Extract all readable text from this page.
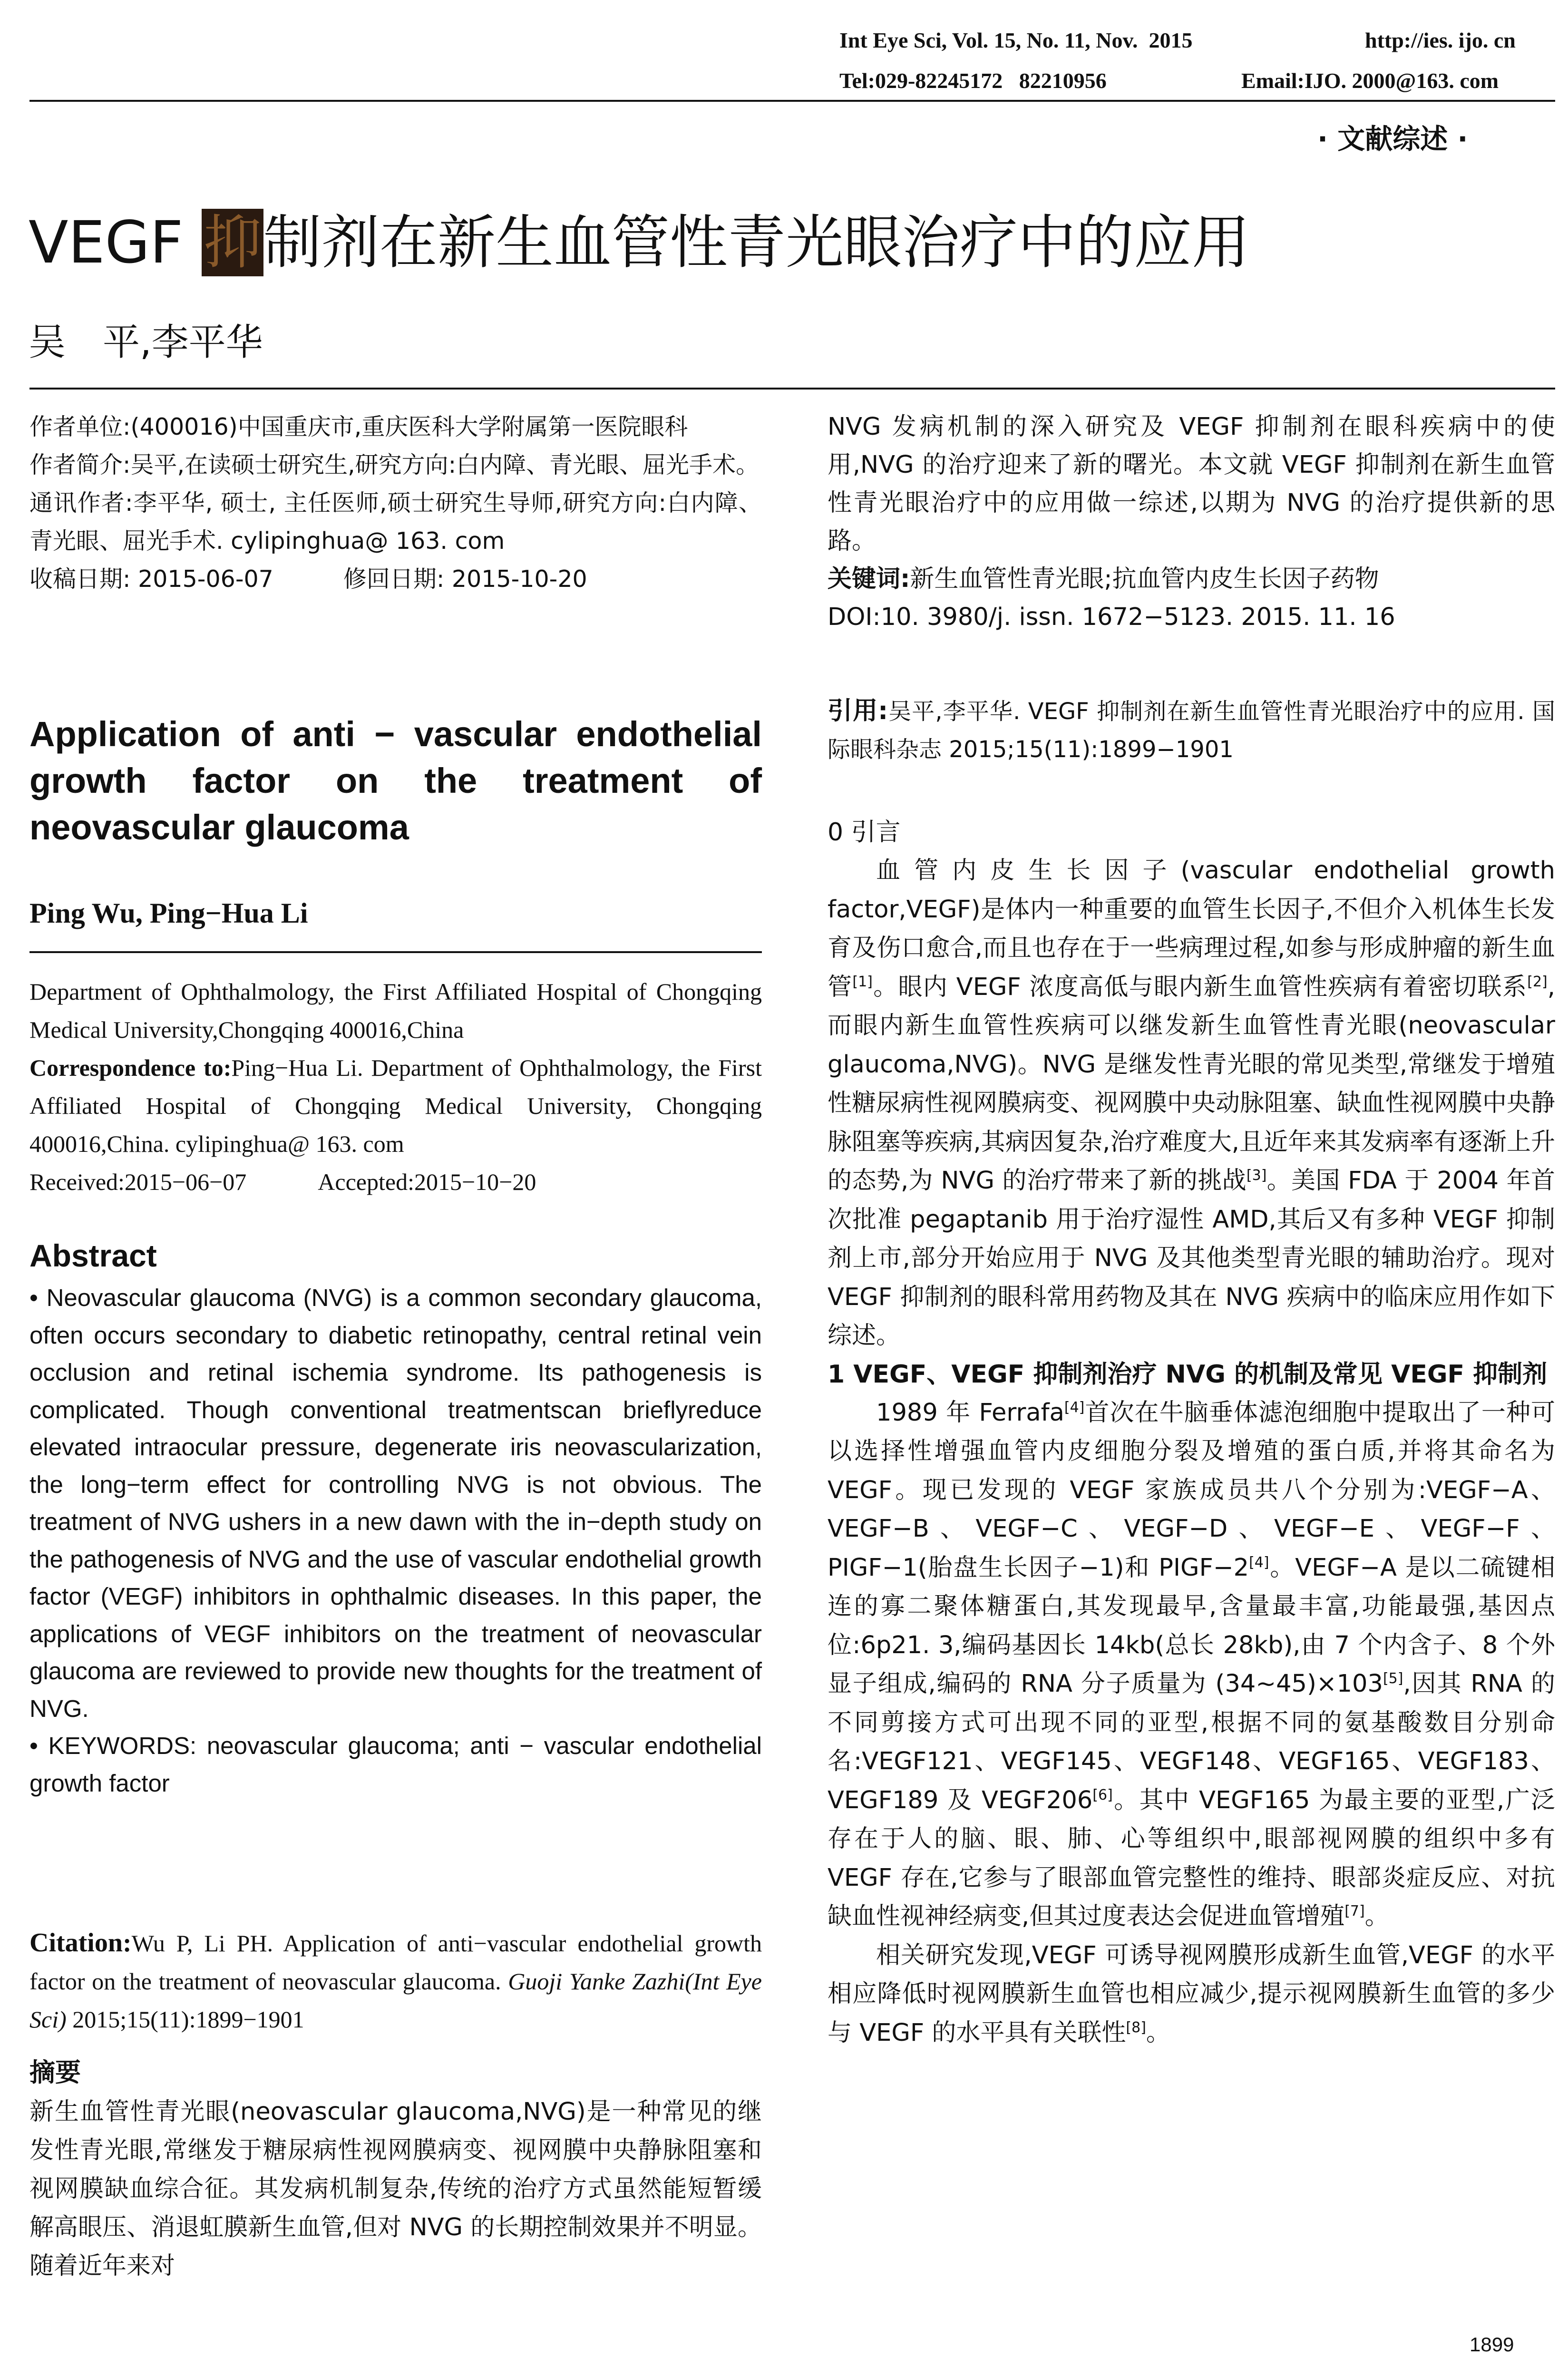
Int Eye Sci, Vol. 15, No. 11, Nov.  2015	http://ies. ijo. cn
Tel:029-82245172   82210956	Email:IJO. 2000@163. com
· 文献综述 ·
VEGF 抑制剂在新生血管性青光眼治疗中的应用
吴　平,李平华

作者单位:(400016)中国重庆市,重庆医科大学附属第一医院眼科

作者简介:吴平,在读硕士研究生,研究方向:白内障、青光眼、屈光手术。

通讯作者:李平华, 硕士, 主任医师,硕士研究生导师,研究方向:白内障、青光眼、屈光手术. cylipinghua@ 163. com

收稿日期: 2015-06-07　　　修回日期: 2015-10-20

Application of anti − vascular endothelial growth factor on the treatment of neovascular glaucoma
Ping Wu, Ping−Hua Li

Department of Ophthalmology, the First Affiliated Hospital of Chongqing Medical University,Chongqing 400016,China

Correspondence to:Ping−Hua Li. Department of Ophthalmology, the First Affiliated Hospital of Chongqing Medical University, Chongqing 400016,China. cylipinghua@ 163. com

Received:2015−06−07　　　Accepted:2015−10−20

Abstract

• Neovascular glaucoma (NVG) is a common secondary glaucoma, often occurs secondary to diabetic retinopathy, central retinal vein occlusion and retinal ischemia syndrome. Its pathogenesis is complicated. Though conventional treatmentscan brieflyreduce elevated intraocular pressure, degenerate iris neovascularization, the long−term effect for controlling NVG is not obvious. The treatment of NVG ushers in a new dawn with the in−depth study on the pathogenesis of NVG and the use of vascular endothelial growth factor (VEGF) inhibitors in ophthalmic diseases. In this paper, the applications of VEGF inhibitors on the treatment of neovascular glaucoma are reviewed to provide new thoughts for the treatment of NVG.

• KEYWORDS: neovascular glaucoma; anti − vascular endothelial growth factor

Citation:Wu P, Li PH. Application of anti−vascular endothelial growth factor on the treatment of neovascular glaucoma. Guoji Yanke Zazhi(Int Eye Sci) 2015;15(11):1899−1901

摘要
新生血管性青光眼(neovascular glaucoma,NVG)是一种常见的继发性青光眼,常继发于糖尿病性视网膜病变、视网膜中央静脉阻塞和视网膜缺血综合征。其发病机制复杂,传统的治疗方式虽然能短暂缓解高眼压、消退虹膜新生血管,但对 NVG 的长期控制效果并不明显。随着近年来对

NVG 发病机制的深入研究及 VEGF 抑制剂在眼科疾病中的使用,NVG 的治疗迎来了新的曙光。本文就 VEGF 抑制剂在新生血管性青光眼治疗中的应用做一综述,以期为 NVG 的治疗提供新的思路。

关键词:新生血管性青光眼;抗血管内皮生长因子药物

DOI:10. 3980/j. issn. 1672−5123. 2015. 11. 16

引用:吴平,李平华. VEGF 抑制剂在新生血管性青光眼治疗中的应用. 国际眼科杂志 2015;15(11):1899−1901

0 引言

血管内皮生长因子(vascular endothelial growth factor,VEGF)是体内一种重要的血管生长因子,不但介入机体生长发育及伤口愈合,而且也存在于一些病理过程,如参与形成肿瘤的新生血管[1]。眼内 VEGF 浓度高低与眼内新生血管性疾病有着密切联系[2],而眼内新生血管性疾病可以继发新生血管性青光眼(neovascular glaucoma,NVG)。NVG 是继发性青光眼的常见类型,常继发于增殖性糖尿病性视网膜病变、视网膜中央动脉阻塞、缺血性视网膜中央静脉阻塞等疾病,其病因复杂,治疗难度大,且近年来其发病率有逐渐上升的态势,为 NVG 的治疗带来了新的挑战[3]。美国 FDA 于 2004 年首次批准 pegaptanib 用于治疗湿性 AMD,其后又有多种 VEGF 抑制剂上市,部分开始应用于 NVG 及其他类型青光眼的辅助治疗。现对 VEGF 抑制剂的眼科常用药物及其在 NVG 疾病中的临床应用作如下综述。

1 VEGF、VEGF 抑制剂治疗 NVG 的机制及常见 VEGF 抑制剂

1989 年 Ferrafa[4]首次在牛脑垂体滤泡细胞中提取出了一种可以选择性增强血管内皮细胞分裂及增殖的蛋白质,并将其命名为 VEGF。现已发现的 VEGF 家族成员共八个分别为:VEGF−A、VEGF−B、VEGF−C、VEGF−D、VEGF−E、VEGF−F、PIGF−1(胎盘生长因子−1)和 PIGF−2[4]。VEGF−A 是以二硫键相连的寡二聚体糖蛋白,其发现最早,含量最丰富,功能最强,基因点位:6p21. 3,编码基因长 14kb(总长 28kb),由 7 个内含子、8 个外显子组成,编码的 RNA 分子质量为 (34~45)×103[5],因其 RNA 的不同剪接方式可出现不同的亚型,根据不同的氨基酸数目分别命名:VEGF121、VEGF145、VEGF148、VEGF165、VEGF183、VEGF189 及 VEGF206[6]。其中 VEGF165 为最主要的亚型,广泛存在于人的脑、眼、肺、心等组织中,眼部视网膜的组织中多有 VEGF 存在,它参与了眼部血管完整性的维持、眼部炎症反应、对抗缺血性视神经病变,但其过度表达会促进血管增殖[7]。

相关研究发现,VEGF 可诱导视网膜形成新生血管,VEGF 的水平相应降低时视网膜新生血管也相应减少,提示视网膜新生血管的多少与 VEGF 的水平具有关联性[8]。

1899
